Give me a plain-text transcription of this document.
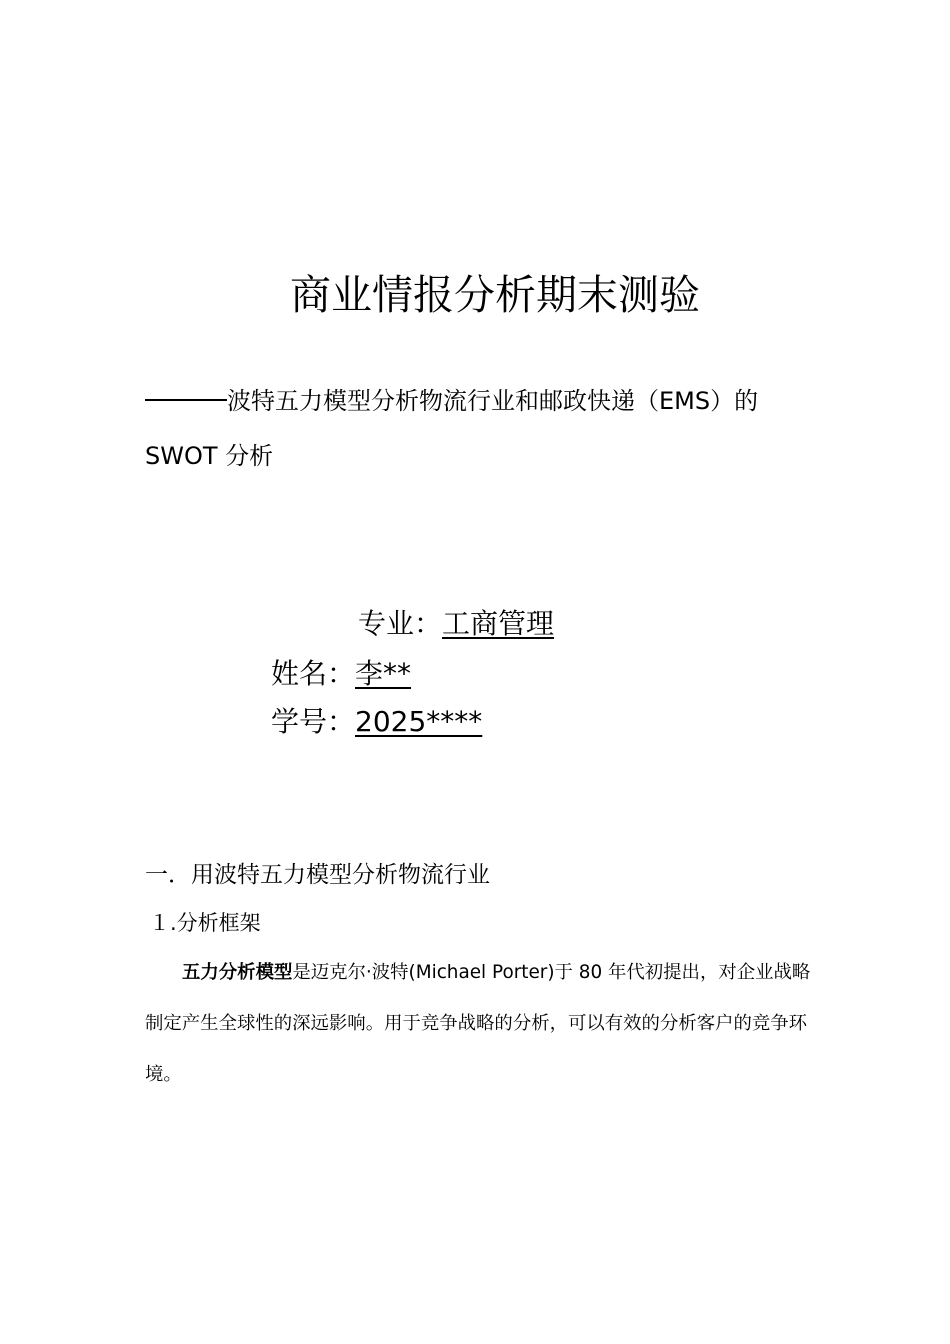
商业情报分析期末测验

波特五力模型分析物流行业和邮政快递（EMS）的
SWOT 分析

专业：工商管理
姓名：李**
学号：2025****
一．用波特五力模型分析物流行业
１.分析框架

五力分析模型是迈克尔·波特(Michael Porter)于 80 年代初提出，对企业战略制定产生全球性的深远影响。用于竞争战略的分析，可以有效的分析客户的竞争环境。
